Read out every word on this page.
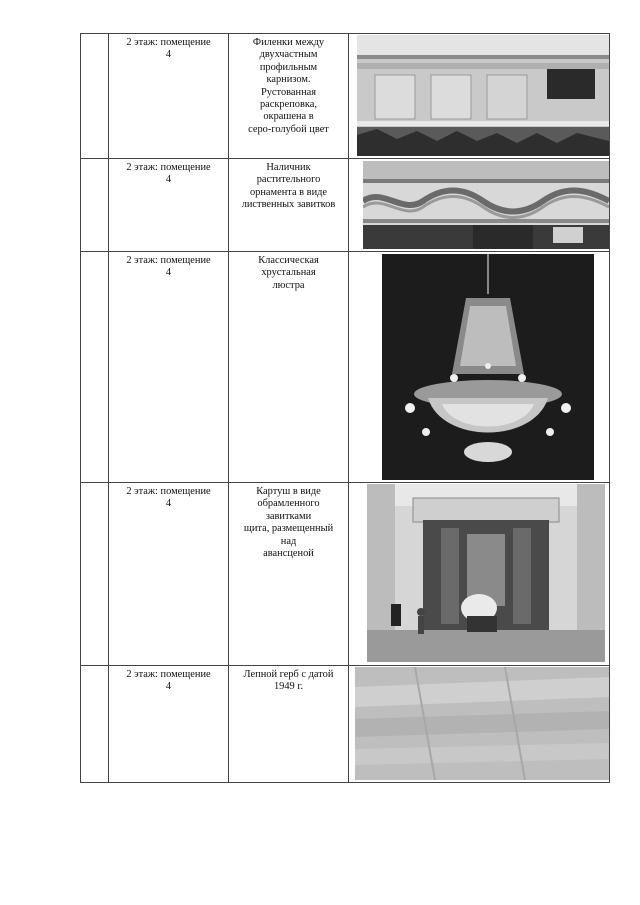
2 этаж: помещение
4
Филенки между
двухчастным
профильным
карнизом.
Рустованная
раскреповка,
окрашена в
серо-голубой цвет
2 этаж: помещение
4
Наличник
растительного
орнамента в виде
лиственных завитков
2 этаж: помещение
4
Классическая
хрустальная
люстра
2 этаж: помещение
4
Картуш в виде
обрамленного
завитками
щита, размещенный
над
авансценой
2 этаж: помещение
4
Лепной герб с датой
1949 г.
